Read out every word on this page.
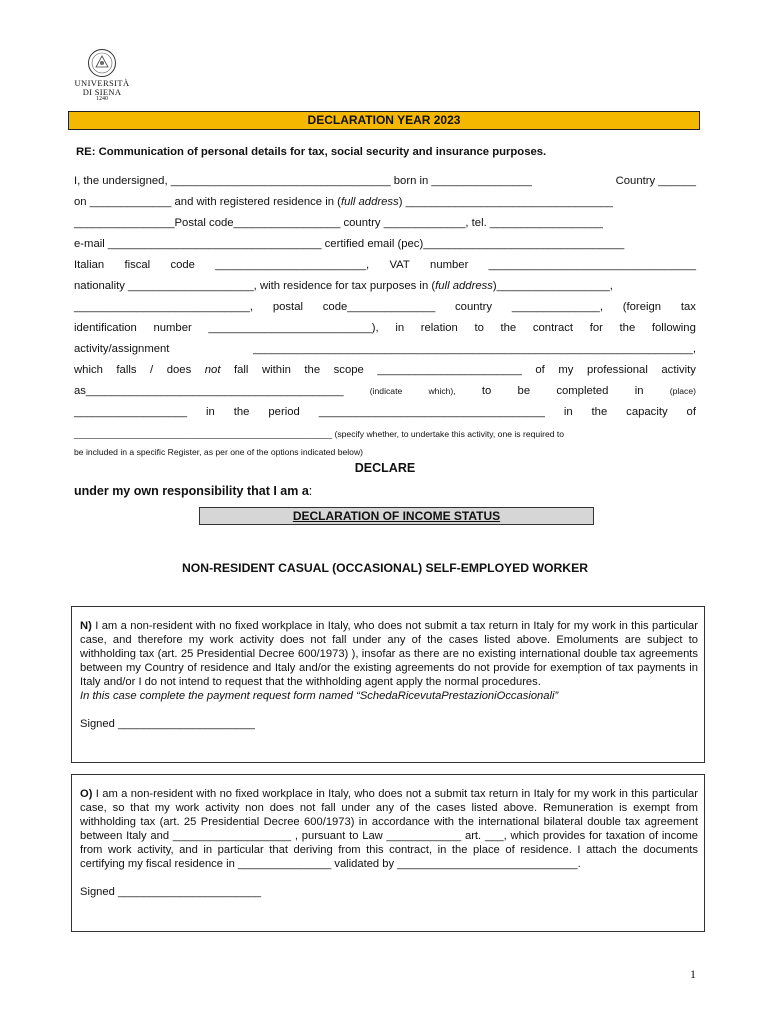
UNIVERSITÀ
DI SIENA
1240
DECLARATION YEAR 2023
RE: Communication of personal details for tax, social security and insurance purposes.
I, the undersigned, ___________________________________ born in ________________	Country ______
on _____________ and with registered residence in ( full address ) _________________________________
________________Postal code_________________ country _____________, tel. __________________
e-mail __________________________________ certified email (pec)________________________________
Italian fiscal code ________________________, VAT number _________________________________
nationality ____________________, with residence for tax purposes in ( full address )__________________,
____________________________, postal code______________ country ______________, (foreign tax
identification number __________________________), in relation to the contract for the following
activity/assignment	______________________________________________________________________,
which falls / does not fall within the scope _______________________ of my professional activity
as_________________________________________	(indicate	which), to be completed in	(place)
__________________ in the period ____________________________________ in the capacity of
______________________________________________________ (specify whether, to undertake this activity, one is required to
be included in a specific Register, as per one of the options indicated below)
DECLARE
under my own responsibility that I am a:
DECLARATION OF INCOME STATUS
NON-RESIDENT CASUAL (OCCASIONAL) SELF-EMPLOYED WORKER

N) I am a non-resident with no fixed workplace in Italy, who does not submit a tax return in Italy for my work in this particular case, and therefore my work activity does not fall under any of the cases listed above. Emoluments are subject to withholding tax (art. 25 Presidential Decree 600/1973) ), insofar as there are no existing international double tax agreements between my Country of residence and Italy and/or the existing agreements do not provide for exemption of tax payments in Italy and/or I do not intend to request that the withholding agent apply the normal procedures.

In this case complete the payment request form named “SchedaRicevutaPrestazioniOccasionali”

Signed ______________________

O) I am a non-resident with no fixed workplace in Italy, who does not a submit tax return in Italy for my work in this particular case, so that my work activity non does not fall under any of the cases listed above. Remuneration is exempt from withholding tax (art. 25 Presidential Decree 600/1973) in accordance with the international bilateral double tax agreement between Italy and ___________________ , pursuant to Law ____________ art. ___, which provides for taxation of income from work activity, and in particular that deriving from this contract, in the place of residence. I attach the documents certifying my fiscal residence in _______________ validated by _____________________________.

Signed _______________________

1
